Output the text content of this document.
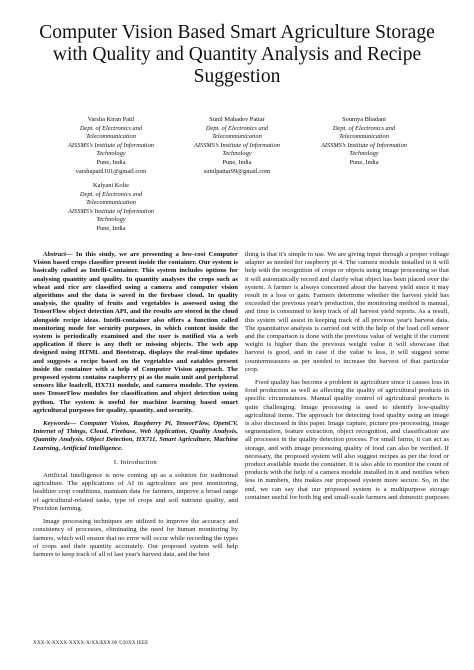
Computer Vision Based Smart Agriculture Storage with Quality and Quantity Analysis and Recipe Suggestion
Varsha Kiran Patil
Dept. of Electronics and
Telecommunication
AISSMS’s Institute of Information
Technology
Pune, India
varshapatil101@gmail.com
Sunil Mahadev Pattar
Dept. of Electronics and
Telecommunication
AISSMS’s Institute of Information
Technology
Pune, India
sunilpattar99@gmail.com
Soumya Bhadani
Dept. of Electronics and
Telecommunication
AISSMS’s Institute of Information
Technology
Pune, India
Kalyani Kolte
Dept. of Electronics and
Telecommunication
AISSMS’s Institute of Information
Technology
Pune, India

Abstract— In this study, we are presenting a low-cost Computer Vision based crops classifier present inside the container. Our system is basically called as Intelli-Container. This system includes options for analysing quantity and quality. In quantity analyses the crops such as wheat and rice are classified using a camera and computer vision algorithms and the data is saved in the firebase cloud. In quality analysis, the quality of fruits and vegetables is assessed using the TensorFlow object detection API, and the results are stored in the cloud alongside recipe ideas. Intelli-container also offers a function called monitoring mode for security purposes, in which content inside the system is periodically examined and the user is notified via a web application if there is any theft or missing objects. The web app designed using HTML and Bootstrap, displays the real-time updates and suggests a recipe based on the vegetables and eatables present inside the container with a help of Computer Vision approach. The proposed system contains raspberry pi as the main unit and peripheral sensors like loadcell, HX711 module, and camera module. The system uses TensorFlow modules for classification and object detection using python. The system is useful for machine learning based smart agricultural purposes for quality, quantity, and security.

Keywords— Computer Vision, Raspberry Pi, TensorFlow, OpenCV, Internet of Things, Cloud, Firebase, Web Application, Quality Analysis, Quantity Analysis, Object Detection, HX711, Smart Agriculture, Machine Learning, Artificial Intelligence.

I. Introduction

Artificial Intelligence is now coming up as a solution for traditional agriculture. The applications of AI in agriculture are pest monitoring, healthier crop conditions, maintain data for farmers, improve a broad range of agricultural-related tasks, type of crops and soil nutrient quality, and Precision farming.

Image processing techniques are utilized to improve the accuracy and consistency of processes, eliminating the need for human monitoring by farmers, which will ensure that no error will occur while recording the types of crops and their quantity accurately. Our proposed system will help farmers to keep track of all of last year's harvest data, and the best

thing is that it's simple to use. We are giving input through a proper voltage adapter as needed for raspberry pi 4. The camera module installed in it will help with the recognition of crops or objects using image processing so that it will automatically record and clarify what object has been placed over the system. A farmer is always concerned about the harvest yield since it may result in a loss or gain. Farmers determine whether the harvest yield has exceeded the previous year's production, the monitoring method is manual, and time is consumed to keep track of all harvest yield reports. As a result, this system will assist in keeping track of all previous year's harvest data. The quantitative analysis is carried out with the help of the load cell sensor and the comparison is done with the previous value of weight if the current weight is higher than the previous weight value it will showcase that harvest is good, and in case if the value is less, it will suggest some countermeasures as per needed to increase the harvest of that particular crop.

Food quality has become a problem in agriculture since it causes loss in food production as well as affecting the quality of agricultural products in specific circumstances. Manual quality control of agricultural products is quite challenging. Image processing is used to identify low-quality agricultural items. The approach for detecting food quality using an image is also discussed in this paper. Image capture, picture pre-processing, image segmentation, feature extraction, object recognition, and classification are all processes in the quality detection process. For small farms, it can act as storage, and with image processing quality of food can also be verified. If necessary, the proposed system will also suggest recipes as per the food or product available inside the container. It is also able to monitor the count of products with the help of a camera module installed in it and notifies when less in numbers, this makes our proposed system more secure. So, in the end, we can say that our proposed system is a multipurpose storage container useful for both big and small-scale farmers and domestic purposes

XXX-X-XXXX-XXXX-X/XX/$XX.00 ©20XX IEEE
